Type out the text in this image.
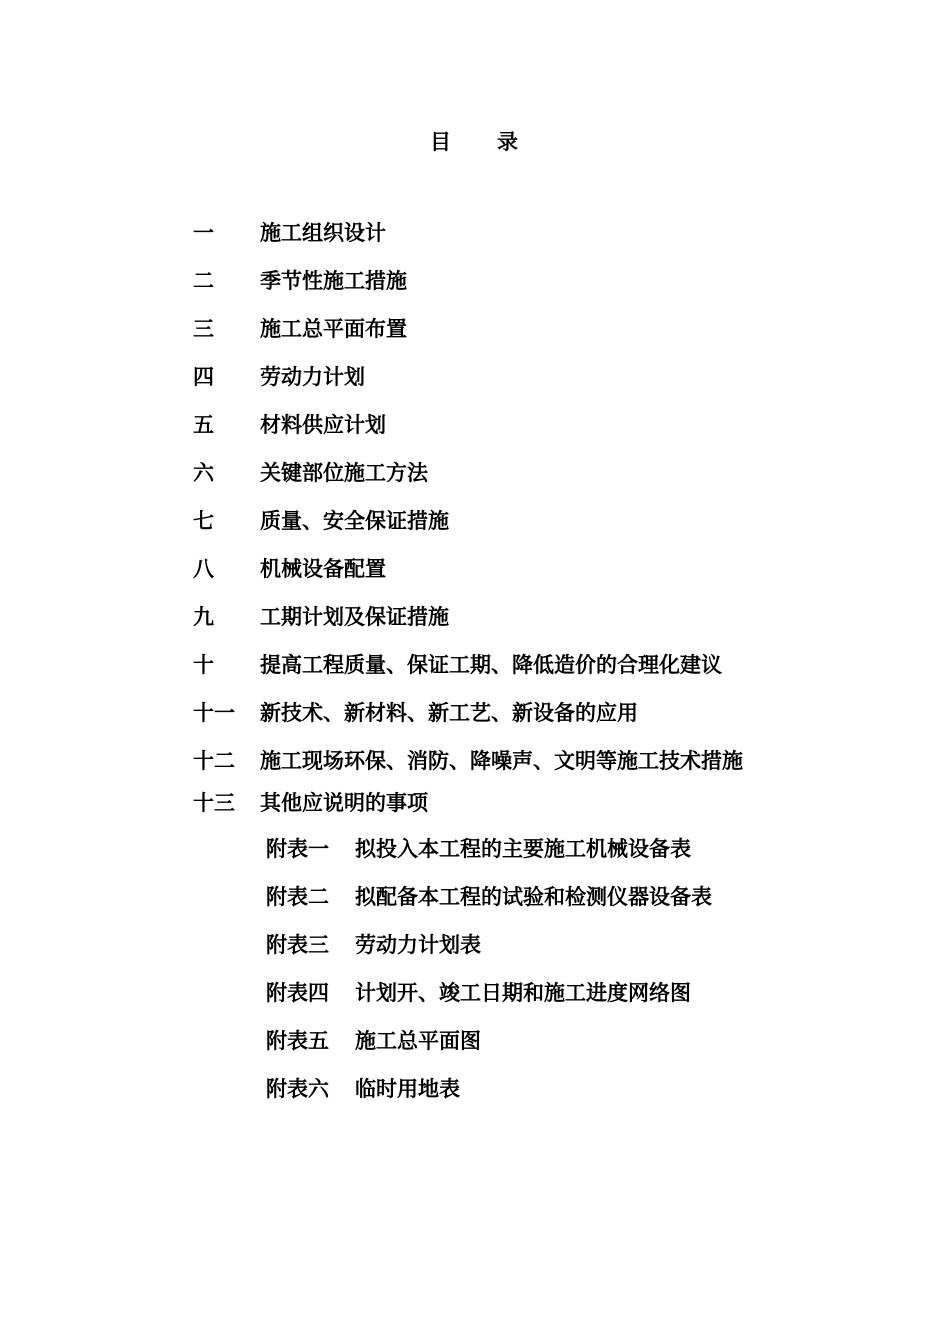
目 录
一 施工组织设计
二 季节性施工措施
三 施工总平面布置
四 劳动力计划
五 材料供应计划
六 关键部位施工方法
七 质量、安全保证措施
八 机械设备配置
九 工期计划及保证措施
十 提高工程质量、保证工期、降低造价的合理化建议
十一 新技术、新材料、新工艺、新设备的应用
十二 施工现场环保、消防、降噪声、文明等施工技术措施
十三 其他应说明的事项
附表一 拟投入本工程的主要施工机械设备表
附表二 拟配备本工程的试验和检测仪器设备表
附表三 劳动力计划表
附表四 计划开、竣工日期和施工进度网络图
附表五 施工总平面图
附表六 临时用地表
